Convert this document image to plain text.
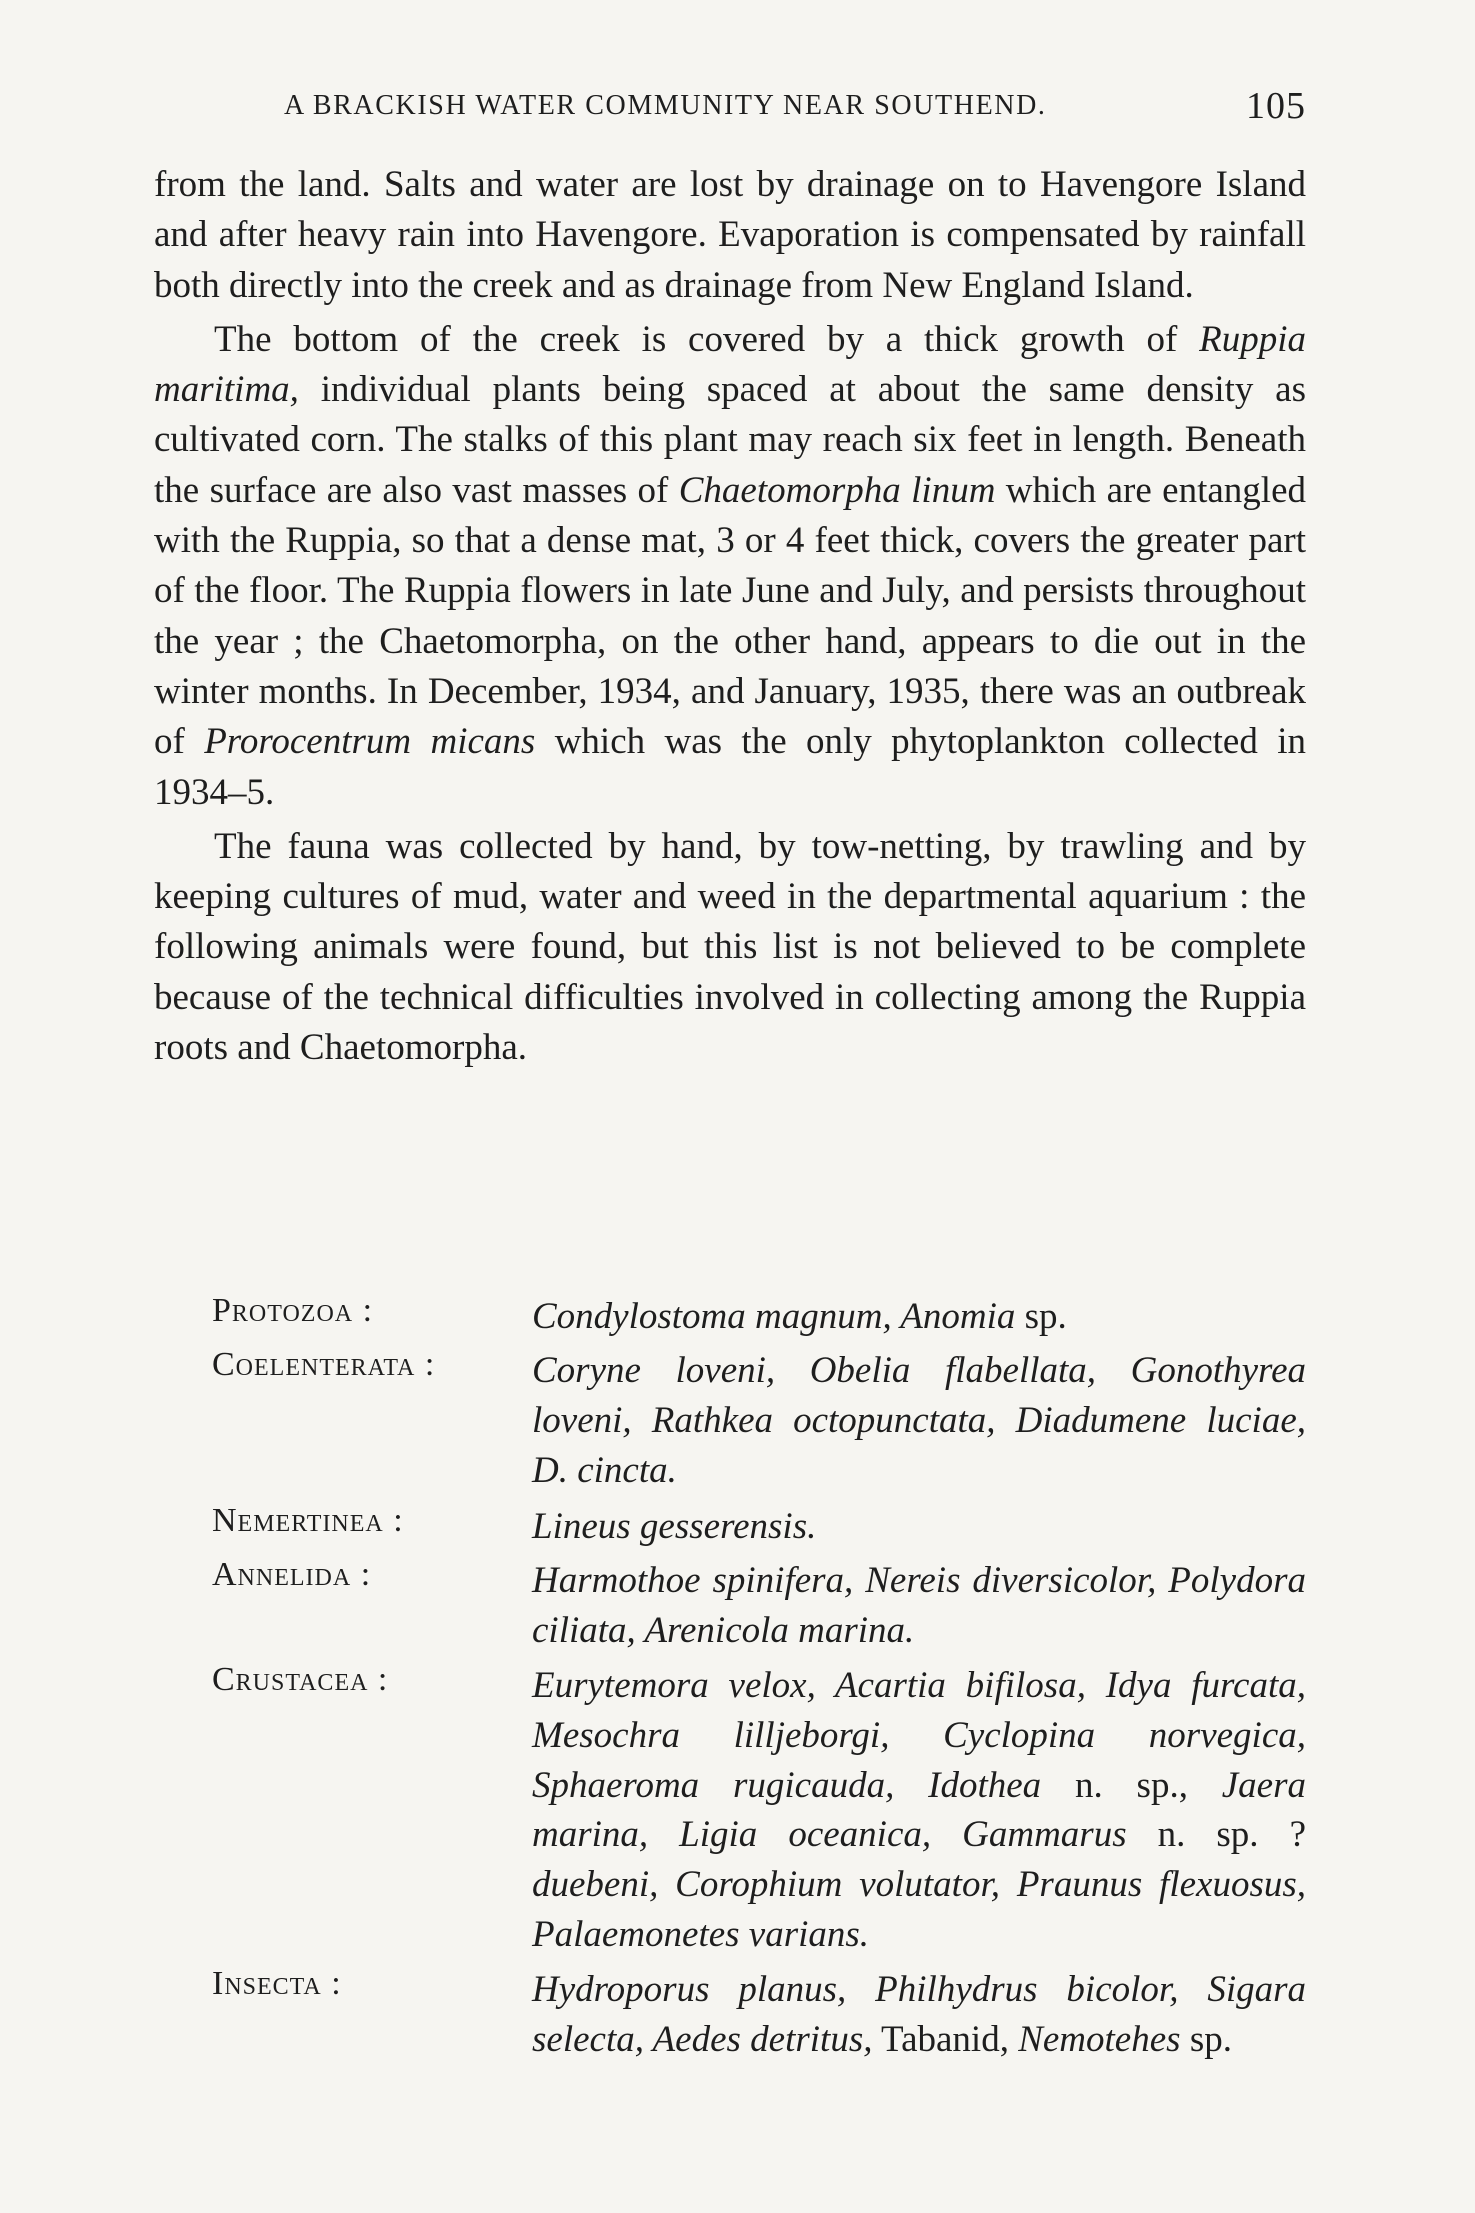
A BRACKISH WATER COMMUNITY NEAR SOUTHEND.	105

from the land. Salts and water are lost by drainage on to Havengore Island and after heavy rain into Havengore. Evaporation is compensated by rainfall both directly into the creek and as drainage from New England Island.

The bottom of the creek is covered by a thick growth of Ruppia maritima, individual plants being spaced at about the same density as cultivated corn. The stalks of this plant may reach six feet in length. Beneath the surface are also vast masses of Chaetomorpha linum which are entangled with the Ruppia, so that a dense mat, 3 or 4 feet thick, covers the greater part of the floor. The Ruppia flowers in late June and July, and persists throughout the year ; the Chaetomorpha, on the other hand, appears to die out in the winter months. In December, 1934, and January, 1935, there was an outbreak of Prorocentrum micans which was the only phytoplankton collected in 1934–5.

The fauna was collected by hand, by tow-netting, by trawling and by keeping cultures of mud, water and weed in the departmental aquarium : the following animals were found, but this list is not believed to be complete because of the technical difficulties involved in collecting among the Ruppia roots and Chaetomorpha.

Protozoa :	Condylostoma magnum, Anomia sp.
Coelenterata :	Coryne loveni, Obelia flabellata, Gonothyrea loveni, Rathkea octopunctata, Diadumene luciae, D. cincta.
Nemertinea :	Lineus gesserensis.
Annelida :	Harmothoe spinifera, Nereis diversicolor, Polydora ciliata, Arenicola marina.
Crustacea :	Eurytemora velox, Acartia bifilosa, Idya furcata, Mesochra lilljeborgi, Cyclopina norvegica, Sphaeroma rugicauda, Idothea n. sp., Jaera marina, Ligia oceanica, Gammarus n. sp. ? duebeni, Corophium volutator, Praunus flexuosus, Palaemonetes varians.
Insecta :	Hydroporus planus, Philhydrus bicolor, Sigara selecta, Aedes detritus, Tabanid, Nemotehes sp.
